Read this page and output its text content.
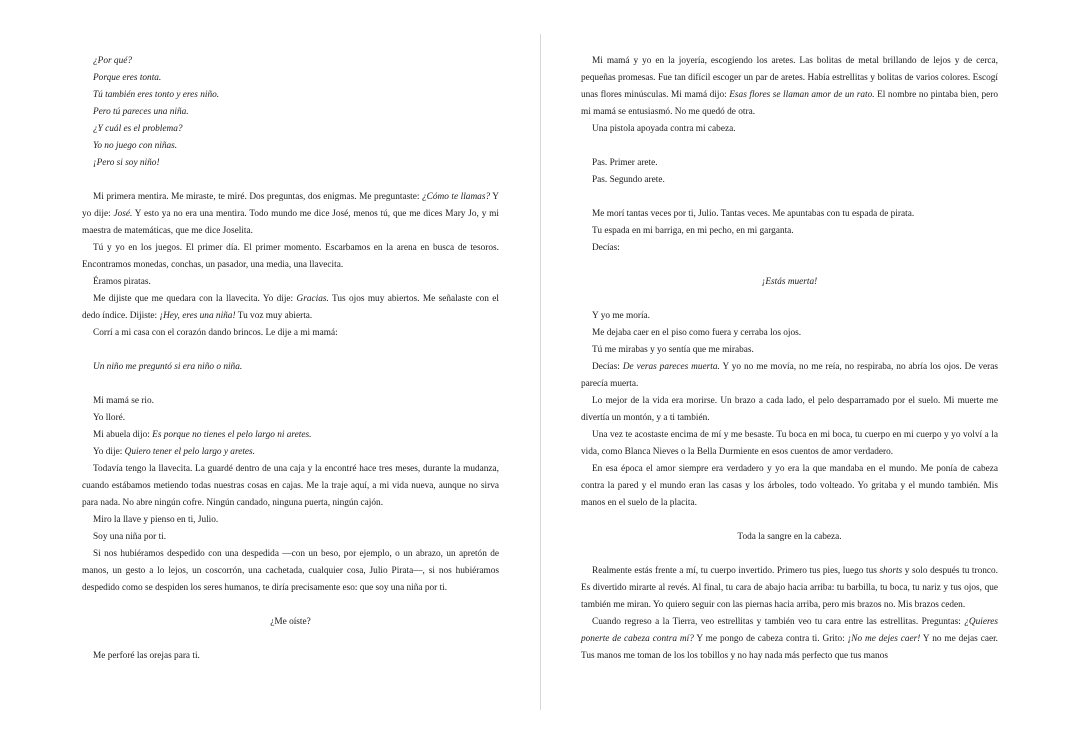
¿Por qué?

Porque eres tonta.

Tú también eres tonto y eres niño.

Pero tú pareces una niña.

¿Y cuál es el problema?

Yo no juego con niñas.

¡Pero si soy niño!

Mi primera mentira. Me miraste, te miré. Dos preguntas, dos enigmas. Me preguntaste: ¿Cómo te llamas? Y yo dije: José. Y esto ya no era una mentira. Todo mundo me dice José, menos tú, que me dices Mary Jo, y mi maestra de matemáticas, que me dice Joselita.

Tú y yo en los juegos. El primer día. El primer momento. Escarbamos en la arena en busca de tesoros. Encontramos monedas, conchas, un pasador, una media, una llavecita.

Éramos piratas.

Me dijiste que me quedara con la llavecita. Yo dije: Gracias. Tus ojos muy abiertos. Me señalaste con el dedo índice. Dijiste: ¡Hey, eres una niña! Tu voz muy abierta.

Corrí a mi casa con el corazón dando brincos. Le dije a mi mamá:

Un niño me preguntó si era niño o niña.

Mi mamá se rio.

Yo lloré.

Mi abuela dijo: Es porque no tienes el pelo largo ni aretes.

Yo dije: Quiero tener el pelo largo y aretes.

Todavía tengo la llavecita. La guardé dentro de una caja y la encontré hace tres meses, durante la mudanza, cuando estábamos metiendo todas nuestras cosas en cajas. Me la traje aquí, a mi vida nueva, aunque no sirva para nada. No abre ningún cofre. Ningún candado, ninguna puerta, ningún cajón.

Miro la llave y pienso en ti, Julio.

Soy una niña por ti.

Si nos hubiéramos despedido con una despedida —con un beso, por ejemplo, o un abrazo, un apretón de manos, un gesto a lo lejos, un coscorrón, una cachetada, cualquier cosa, Julio Pirata—, si nos hubiéramos despedido como se despiden los seres humanos, te diría precisamente eso: que soy una niña por ti.

¿Me oíste?

Me perforé las orejas para ti.

Mi mamá y yo en la joyería, escogiendo los aretes. Las bolitas de metal brillando de lejos y de cerca, pequeñas promesas. Fue tan difícil escoger un par de aretes. Había estrellitas y bolitas de varios colores. Escogí unas flores minúsculas. Mi mamá dijo: Esas flores se llaman amor de un rato. El nombre no pintaba bien, pero mi mamá se entusiasmó. No me quedó de otra.

Una pistola apoyada contra mi cabeza.

Pas. Primer arete.

Pas. Segundo arete.

Me morí tantas veces por ti, Julio. Tantas veces. Me apuntabas con tu espada de pirata.

Tu espada en mi barriga, en mi pecho, en mi garganta.

Decías:

¡Estás muerta!

Y yo me moría.

Me dejaba caer en el piso como fuera y cerraba los ojos.

Tú me mirabas y yo sentía que me mirabas.

Decías: De veras pareces muerta. Y yo no me movía, no me reía, no respiraba, no abría los ojos. De veras parecía muerta.

Lo mejor de la vida era morirse. Un brazo a cada lado, el pelo desparramado por el suelo. Mi muerte me divertía un montón, y a ti también.

Una vez te acostaste encima de mí y me besaste. Tu boca en mi boca, tu cuerpo en mi cuerpo y yo volví a la vida, como Blanca Nieves o la Bella Durmiente en esos cuentos de amor verdadero.

En esa época el amor siempre era verdadero y yo era la que mandaba en el mundo. Me ponía de cabeza contra la pared y el mundo eran las casas y los árboles, todo volteado. Yo gritaba y el mundo también. Mis manos en el suelo de la placita.

Toda la sangre en la cabeza.

Realmente estás frente a mí, tu cuerpo invertido. Primero tus pies, luego tus shorts y solo después tu tronco. Es divertido mirarte al revés. Al final, tu cara de abajo hacia arriba: tu barbilla, tu boca, tu nariz y tus ojos, que también me miran. Yo quiero seguir con las piernas hacia arriba, pero mis brazos no. Mis brazos ceden.

Cuando regreso a la Tierra, veo estrellitas y también veo tu cara entre las estrellitas. Preguntas: ¿Quieres ponerte de cabeza contra mí? Y me pongo de cabeza contra ti. Grito: ¡No me dejes caer! Y no me dejas caer. Tus manos me toman de los los tobillos y no hay nada más perfecto que tus manos
